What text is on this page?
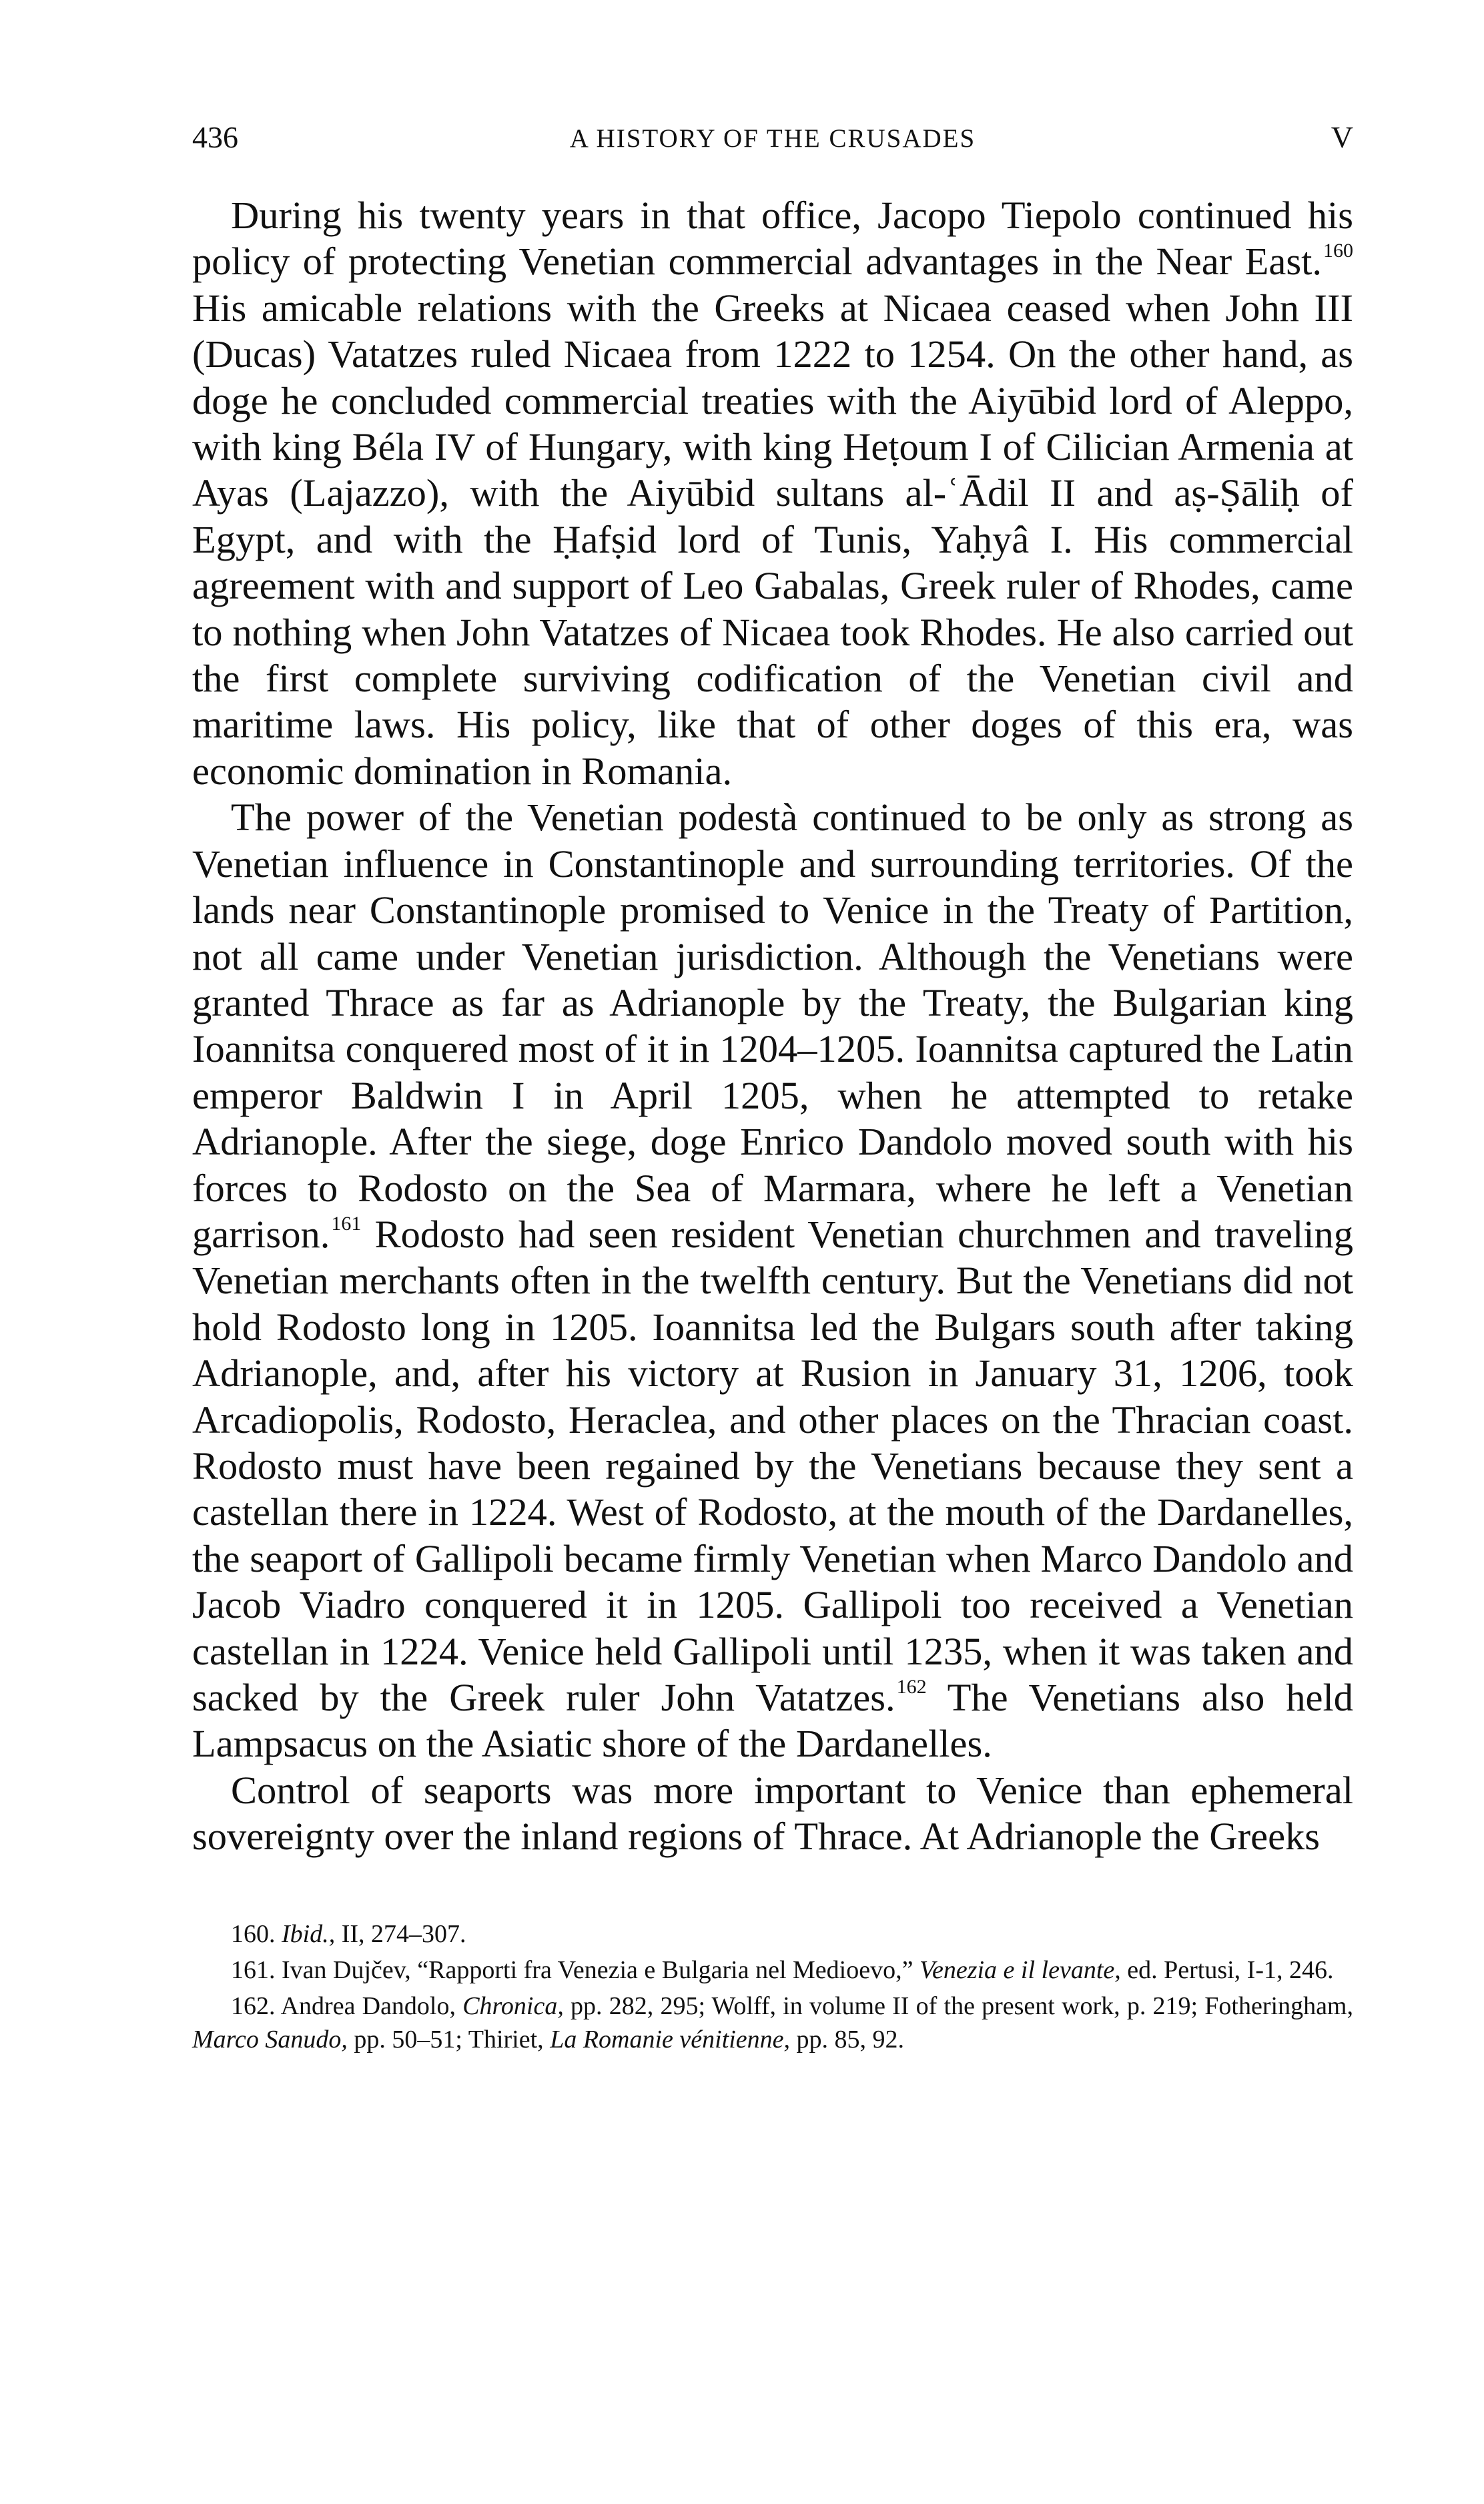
436	A HISTORY OF THE CRUSADES	V

During his twenty years in that office, Jacopo Tiepolo continued his policy of protecting Venetian commercial advantages in the Near East.$^{160}$ His amicable relations with the Greeks at Nicaea ceased when John III (Ducas) Vatatzes ruled Nicaea from 1222 to 1254. On the other hand, as doge he concluded commercial treaties with the Aiyūbid lord of Aleppo, with king Béla IV of Hungary, with king Heṭoum I of Cilician Armenia at Ayas (Lajazzo), with the Aiyūbid sultans al-ʿĀdil II and aṣ-Ṣāliḥ of Egypt, and with the Ḥafṣid lord of Tunis, Yaḥyâ I. His commercial agreement with and support of Leo Gabalas, Greek ruler of Rhodes, came to nothing when John Vatatzes of Nicaea took Rhodes. He also carried out the first complete surviving codification of the Venetian civil and maritime laws. His policy, like that of other doges of this era, was economic domination in Romania.

The power of the Venetian podestà continued to be only as strong as Venetian influence in Constantinople and surrounding territories. Of the lands near Constantinople promised to Venice in the Treaty of Partition, not all came under Venetian jurisdiction. Although the Venetians were granted Thrace as far as Adrianople by the Treaty, the Bulgarian king Ioannitsa conquered most of it in 1204–1205. Ioannitsa captured the Latin emperor Baldwin I in April 1205, when he attempted to retake Adrianople. After the siege, doge Enrico Dandolo moved south with his forces to Rodosto on the Sea of Marmara, where he left a Venetian garrison.$^{161}$ Rodosto had seen resident Venetian churchmen and traveling Venetian merchants often in the twelfth century. But the Venetians did not hold Rodosto long in 1205. Ioannitsa led the Bulgars south after taking Adrianople, and, after his victory at Rusion in January 31, 1206, took Arcadiopolis, Rodosto, Heraclea, and other places on the Thracian coast. Rodosto must have been regained by the Venetians because they sent a castellan there in 1224. West of Rodosto, at the mouth of the Dardanelles, the seaport of Gallipoli became firmly Venetian when Marco Dandolo and Jacob Viadro conquered it in 1205. Gallipoli too received a Venetian castellan in 1224. Venice held Gallipoli until 1235, when it was taken and sacked by the Greek ruler John Vatatzes.$^{162}$ The Venetians also held Lampsacus on the Asiatic shore of the Dardanelles.

Control of seaports was more important to Venice than ephemeral sovereignty over the inland regions of Thrace. At Adrianople the Greeks

160. Ibid., II, 274–307.

161. Ivan Dujčev, “Rapporti fra Venezia e Bulgaria nel Medioevo,” Venezia e il levante, ed. Pertusi, I-1, 246.

162. Andrea Dandolo, Chronica, pp. 282, 295; Wolff, in volume II of the present work, p. 219; Fotheringham, Marco Sanudo, pp. 50–51; Thiriet, La Romanie vénitienne, pp. 85, 92.
